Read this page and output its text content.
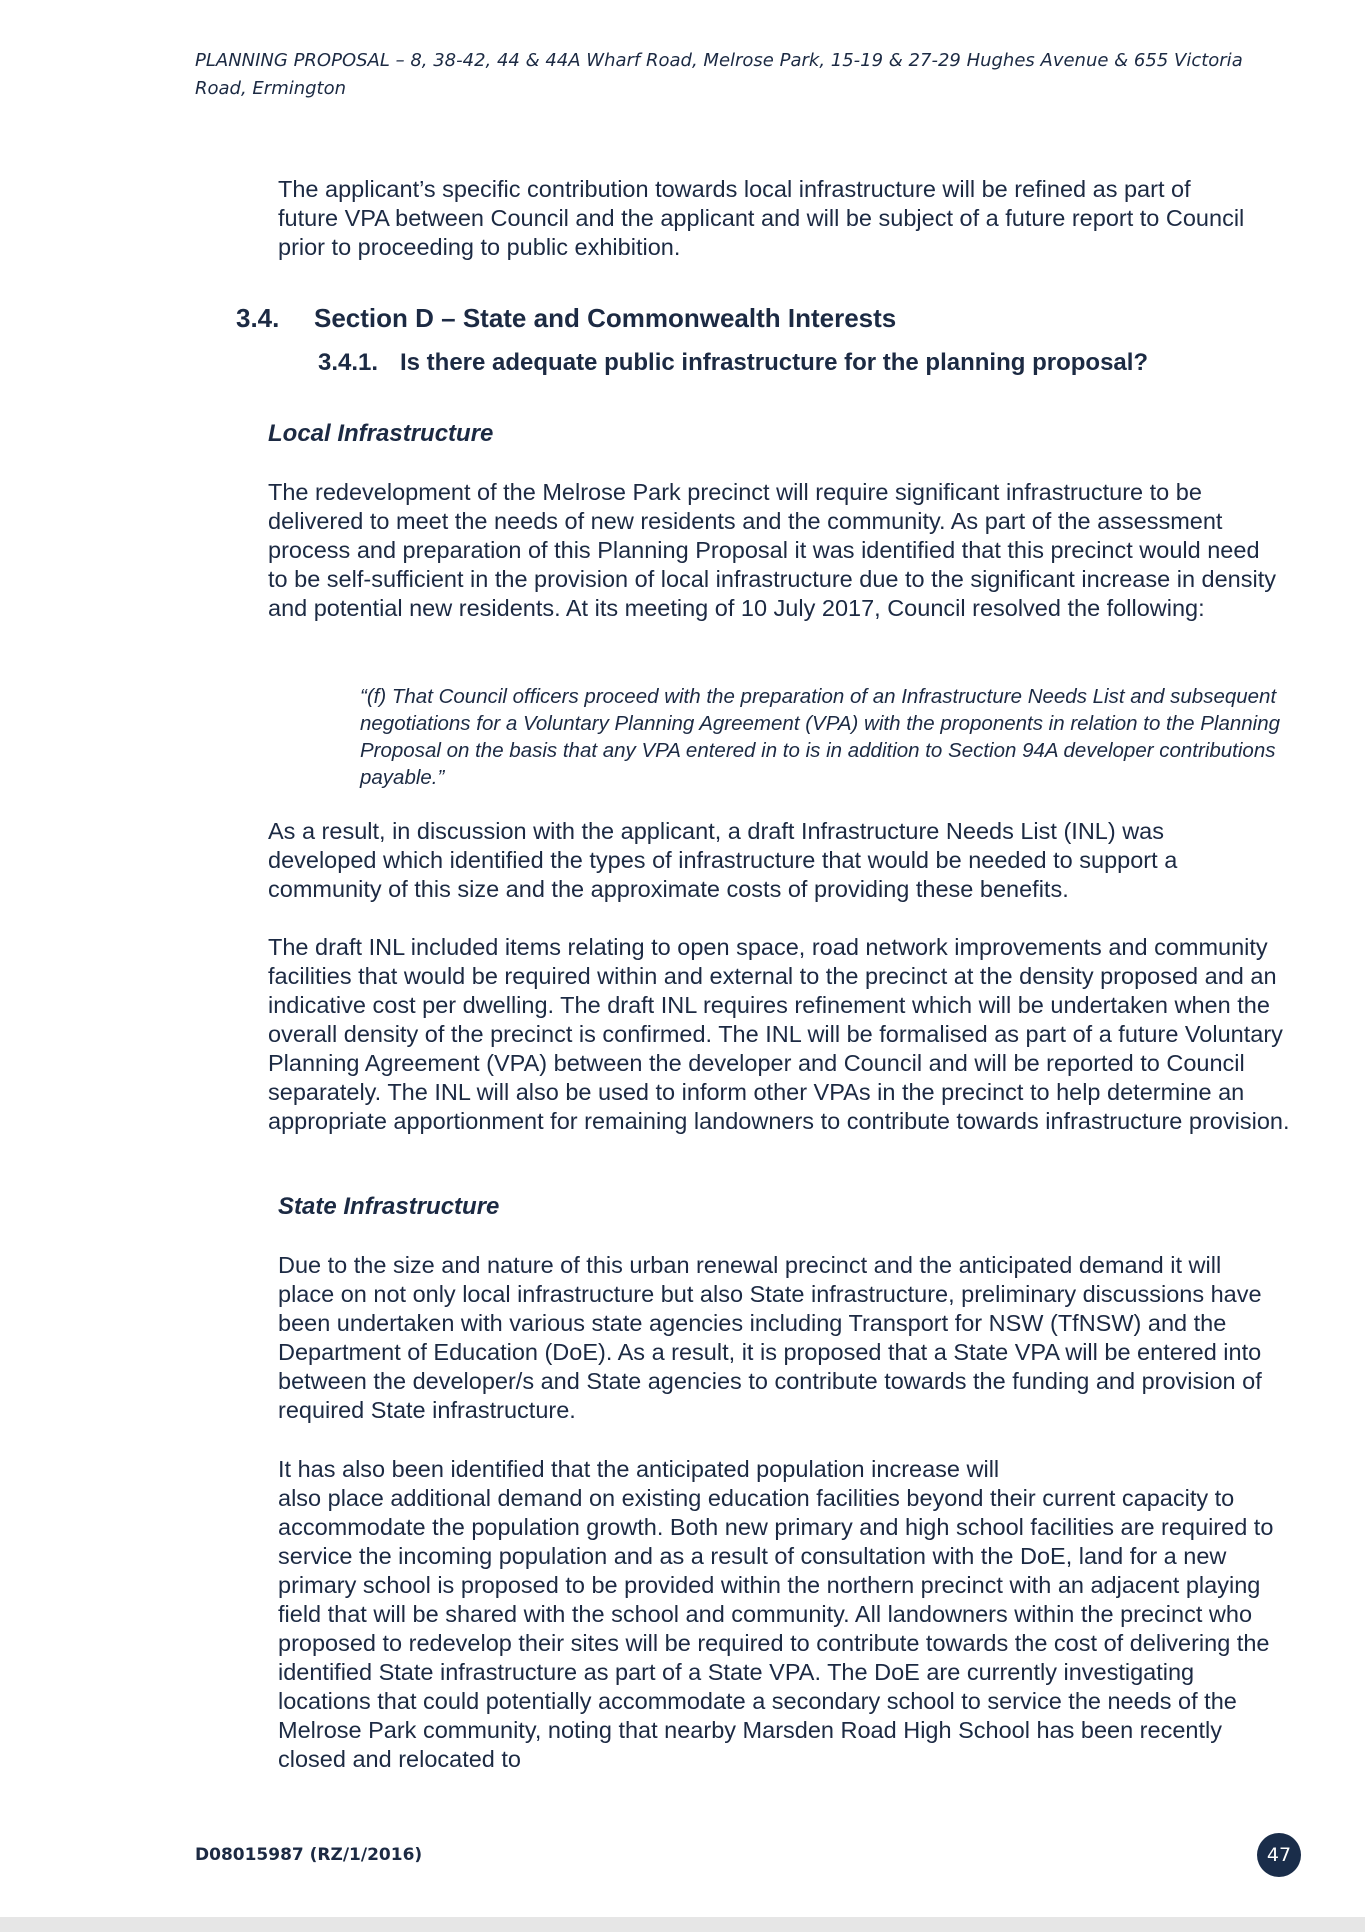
PLANNING PROPOSAL – 8, 38-42, 44 & 44A Wharf Road, Melrose Park, 15-19 & 27-29 Hughes Avenue & 655 Victoria Road, Ermington

The applicant’s specific contribution towards local infrastructure will be refined as part of future VPA between Council and the applicant and will be subject of a future report to Council prior to proceeding to public exhibition.

3.4. Section D – State and Commonwealth Interests
3.4.1. Is there adequate public infrastructure for the planning proposal?
Local Infrastructure

The redevelopment of the Melrose Park precinct will require significant infrastructure to be delivered to meet the needs of new residents and the community. As part of the assessment process and preparation of this Planning Proposal it was identified that this precinct would need to be self-sufficient in the provision of local infrastructure due to the significant increase in density and potential new residents. At its meeting of 10 July 2017, Council resolved the following:

“(f) That Council officers proceed with the preparation of an Infrastructure Needs List and subsequent negotiations for a Voluntary Planning Agreement (VPA) with the proponents in relation to the Planning Proposal on the basis that any VPA entered in to is in addition to Section 94A developer contributions payable.”

As a result, in discussion with the applicant, a draft Infrastructure Needs List (INL) was developed which identified the types of infrastructure that would be needed to support a community of this size and the approximate costs of providing these benefits.

The draft INL included items relating to open space, road network improvements and community facilities that would be required within and external to the precinct at the density proposed and an indicative cost per dwelling. The draft INL requires refinement which will be undertaken when the overall density of the precinct is confirmed. The INL will be formalised as part of a future Voluntary Planning Agreement (VPA) between the developer and Council and will be reported to Council separately. The INL will also be used to inform other VPAs in the precinct to help determine an appropriate apportionment for remaining landowners to contribute towards infrastructure provision.

State Infrastructure

Due to the size and nature of this urban renewal precinct and the anticipated demand it will place on not only local infrastructure but also State infrastructure, preliminary discussions have been undertaken with various state agencies including Transport for NSW (TfNSW) and the Department of Education (DoE). As a result, it is proposed that a State VPA will be entered into between the developer/s and State agencies to contribute towards the funding and provision of required State infrastructure.

It has also been identified that the anticipated population increase will
also place additional demand on existing education facilities beyond their current capacity to accommodate the population growth. Both new primary and high school facilities are required to service the incoming population and as a result of consultation with the DoE, land for a new primary school is proposed to be provided within the northern precinct with an adjacent playing field that will be shared with the school and community. All landowners within the precinct who proposed to redevelop their sites will be required to contribute towards the cost of delivering the identified State infrastructure as part of a State VPA. The DoE are currently investigating locations that could potentially accommodate a secondary school to service the needs of the Melrose Park community, noting that nearby Marsden Road High School has been recently closed and relocated to
D08015987 (RZ/1/2016)	47
